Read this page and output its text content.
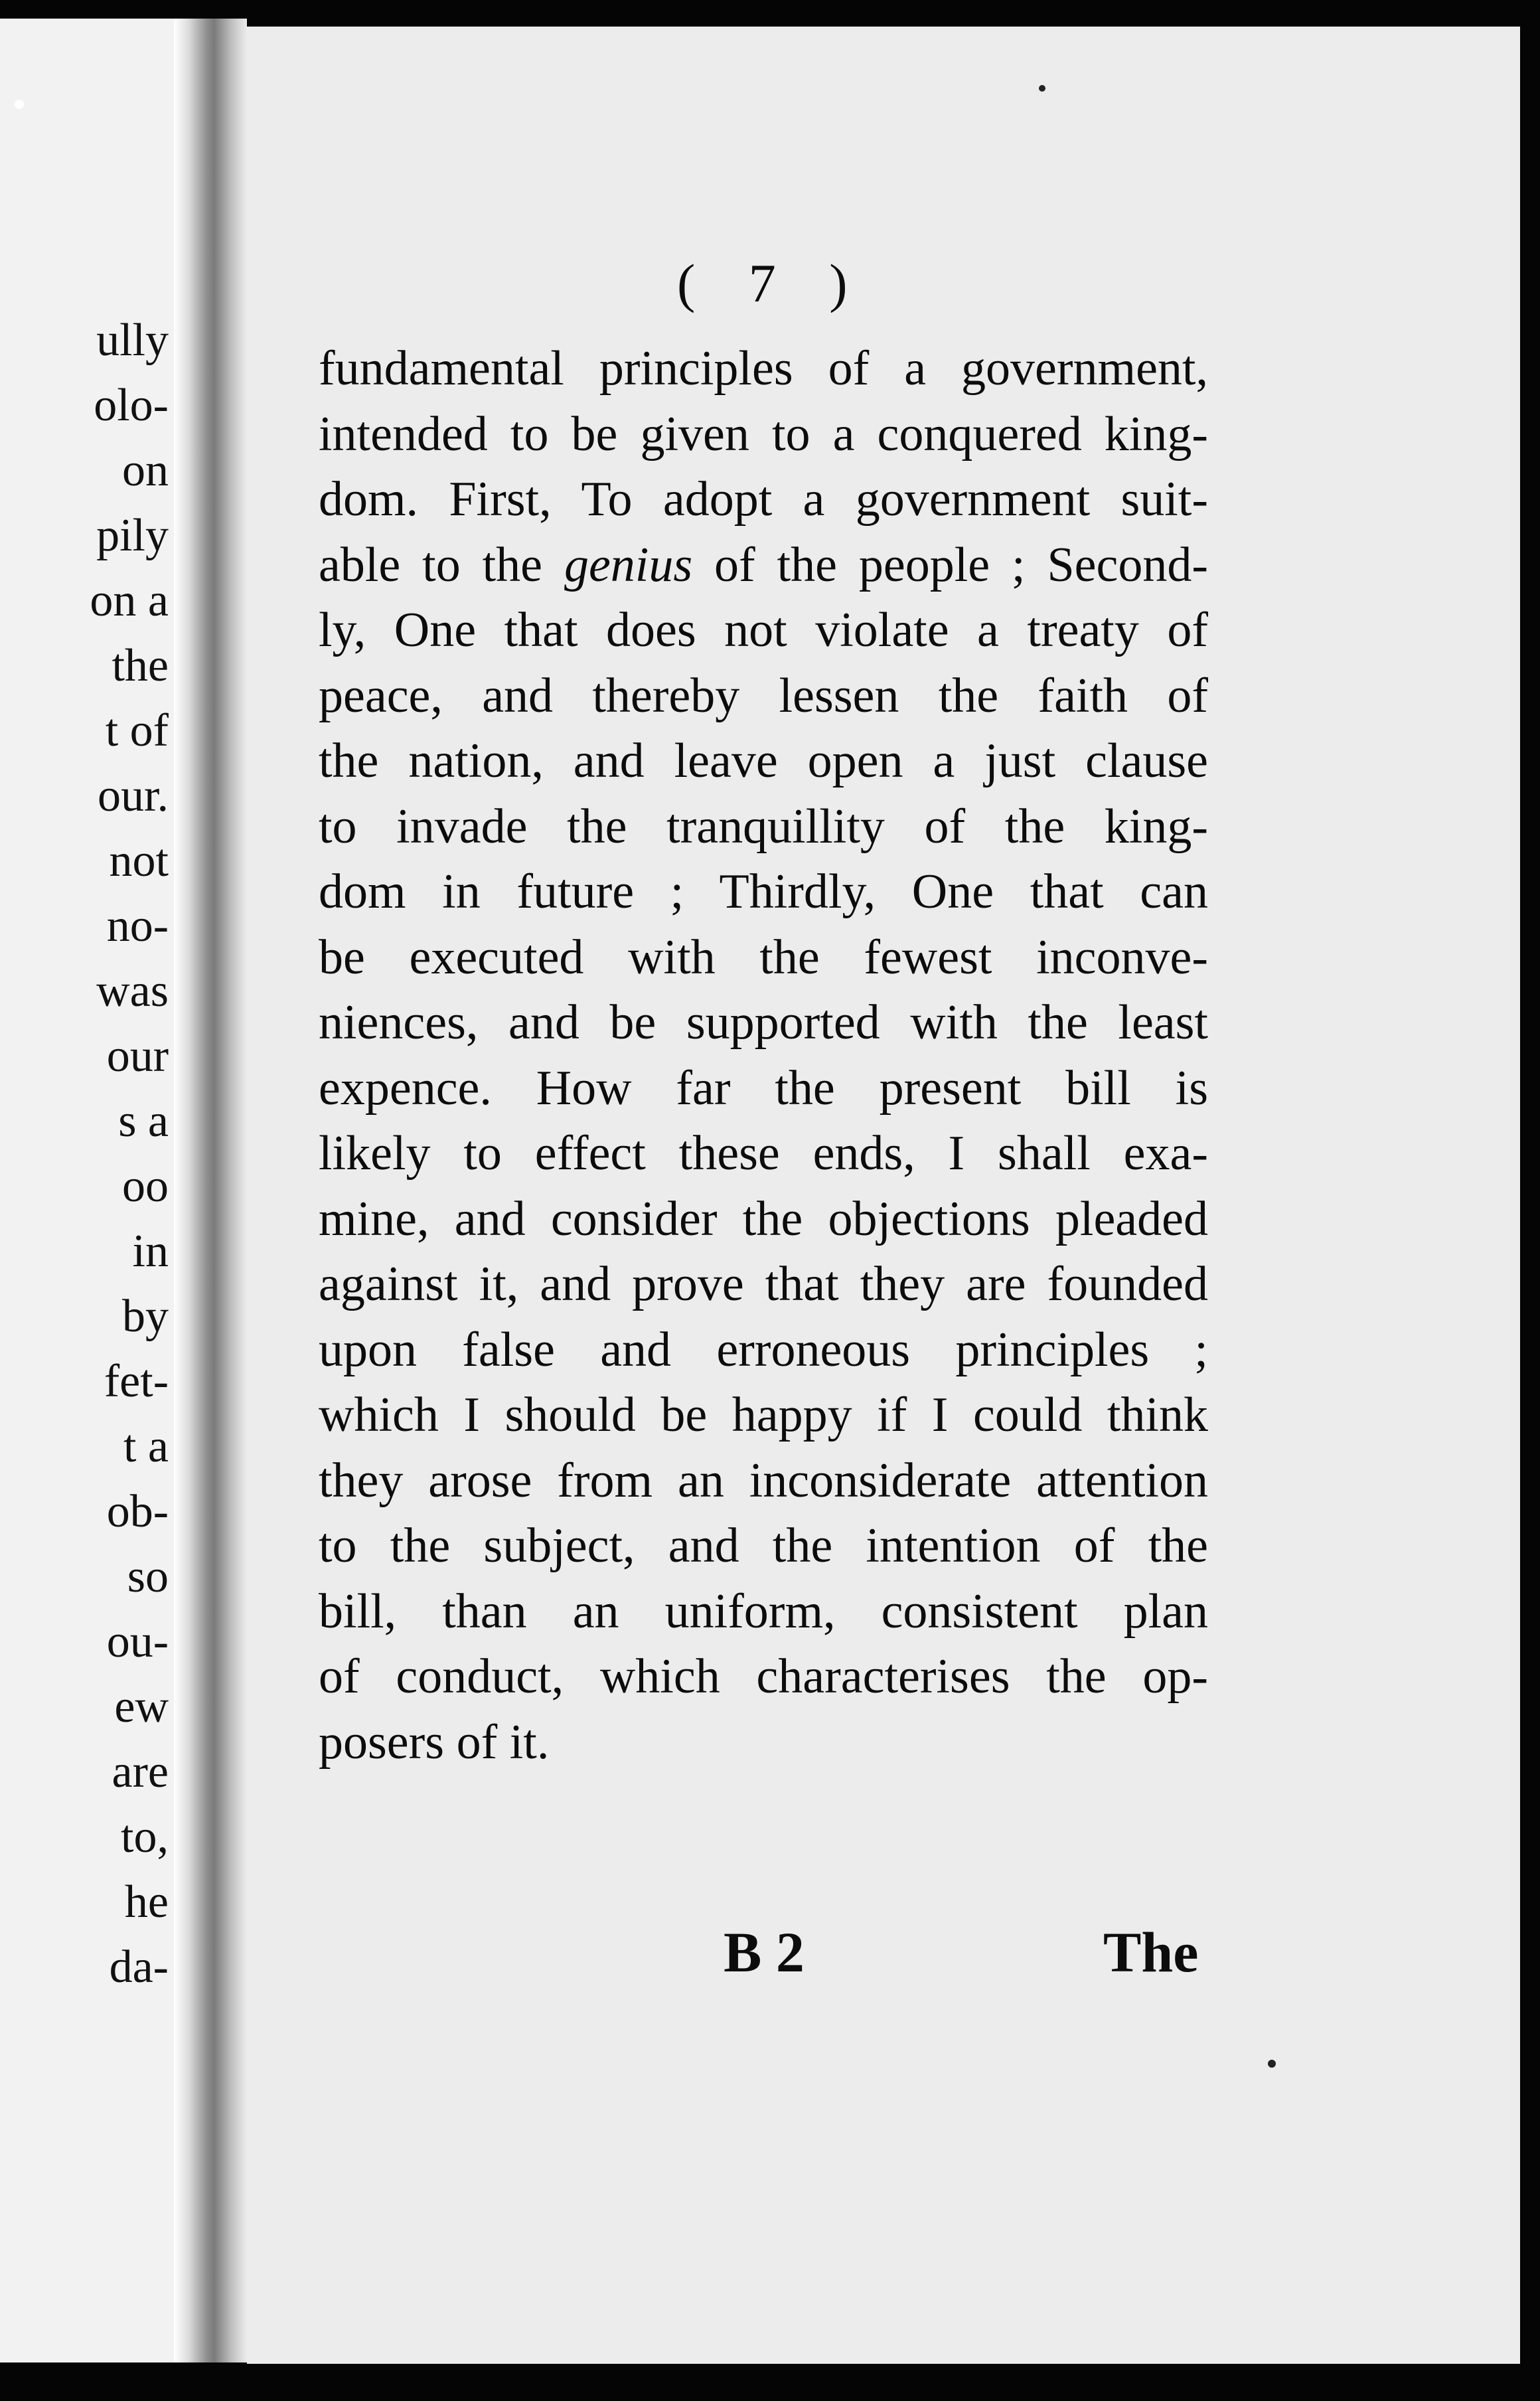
ully
olo-
on
pily
on a
the
t of
our.
not
no-
was
our
s a
oo
in
by
fet-
t a
ob-
so
ou-
ew
are
to,
he
da-
( 7 )
fundamental principles of a government,
intended to be given to a conquered king-
dom. First, To adopt a government suit-
able to the genius of the people ; Second-
ly, One that does not violate a treaty of
peace, and thereby lessen the faith of
the nation, and leave open a just clause
to invade the tranquillity of the king-
dom in future ; Thirdly, One that can
be executed with the fewest inconve-
niences, and be supported with the least
expence. How far the present bill is
likely to effect these ends, I shall exa-
mine, and consider the objections pleaded
against it, and prove that they are founded
upon false and erroneous principles ;
which I should be happy if I could think
they arose from an inconsiderate attention
to the subject, and the intention of the
bill, than an uniform, consistent plan
of conduct, which characterises the op-
posers of it.
B 2	The
